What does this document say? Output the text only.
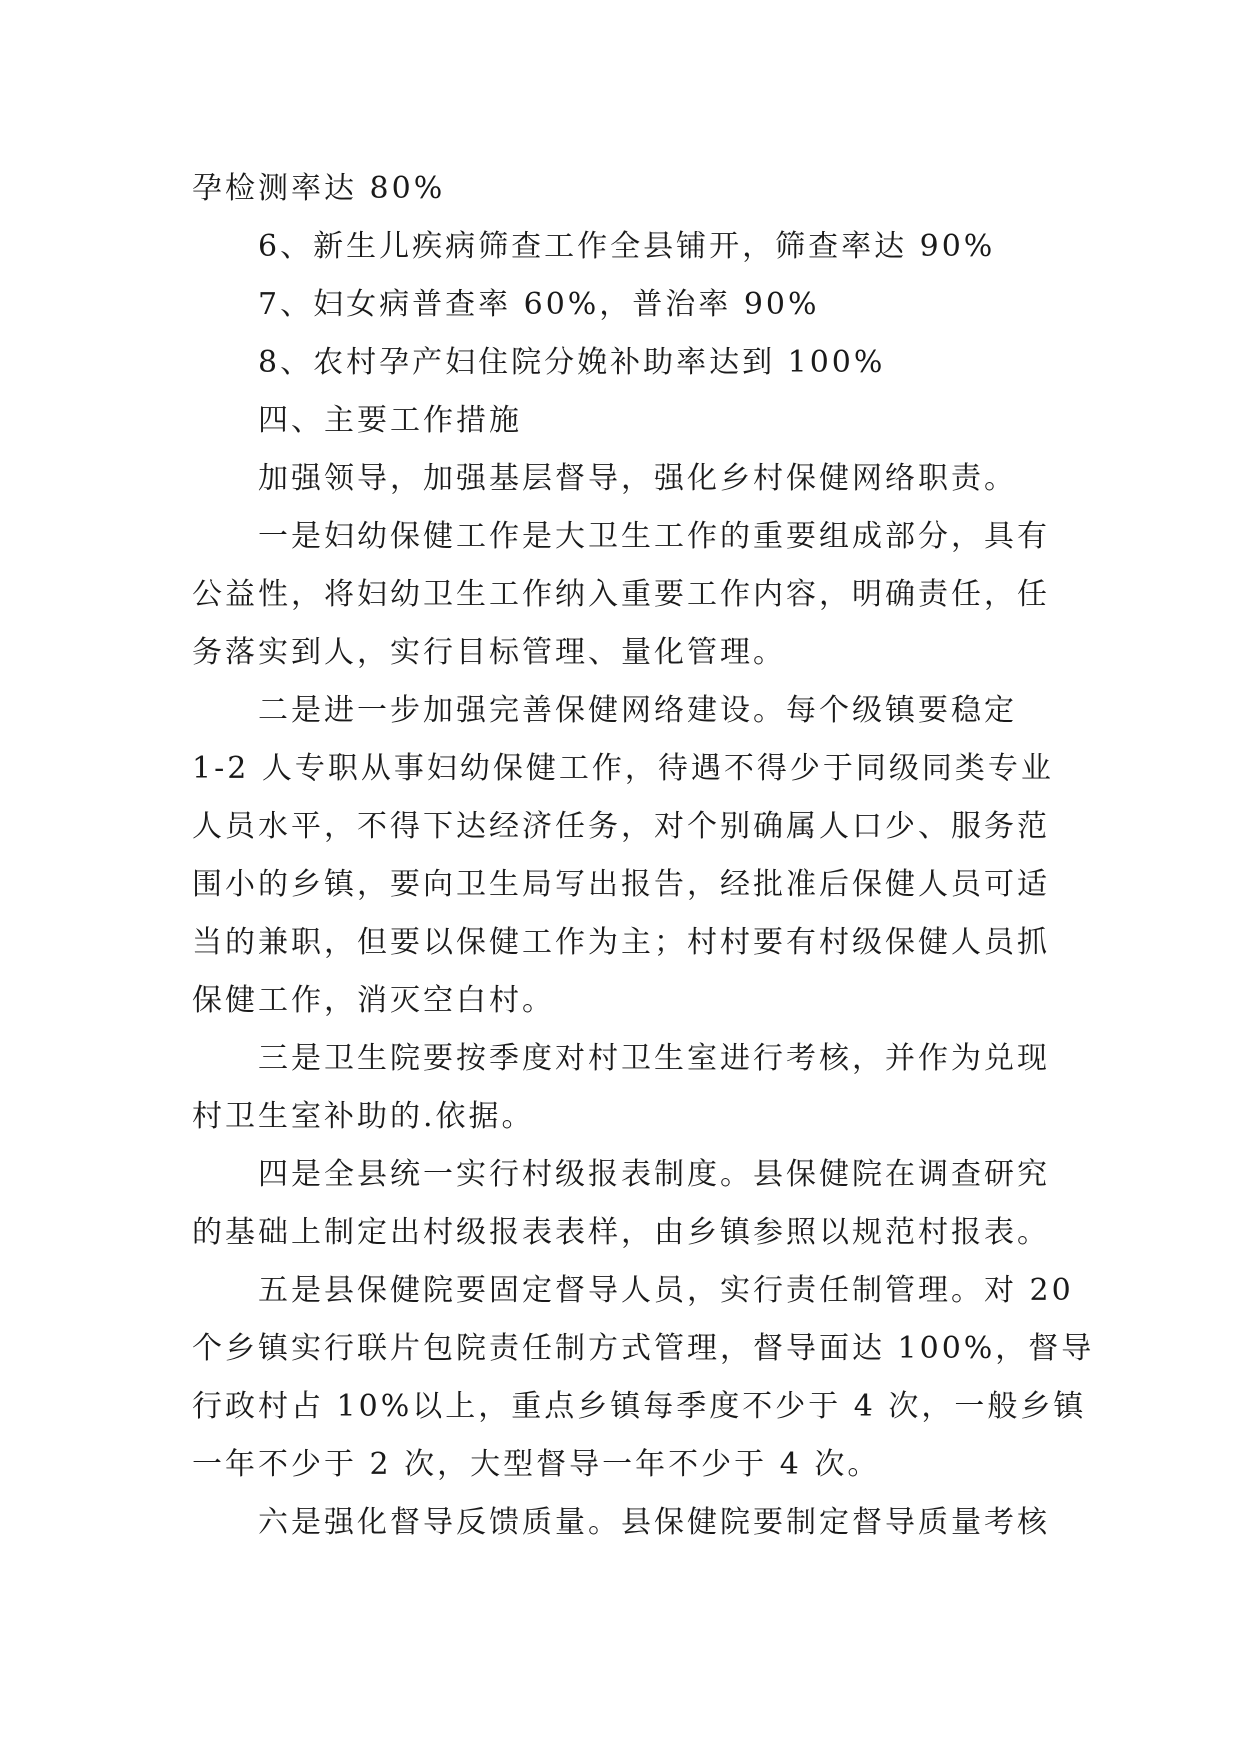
孕检测率达 80%
6、新生儿疾病筛查工作全县铺开，筛查率达 90%
7、妇女病普查率 60%，普治率 90%
8、农村孕产妇住院分娩补助率达到 100%
四、主要工作措施
加强领导，加强基层督导，强化乡村保健网络职责。
一是妇幼保健工作是大卫生工作的重要组成部分，具有
公益性，将妇幼卫生工作纳入重要工作内容，明确责任，任
务落实到人，实行目标管理、量化管理。
二是进一步加强完善保健网络建设。每个级镇要稳定
1-2 人专职从事妇幼保健工作，待遇不得少于同级同类专业
人员水平，不得下达经济任务，对个别确属人口少、服务范
围小的乡镇，要向卫生局写出报告，经批准后保健人员可适
当的兼职，但要以保健工作为主；村村要有村级保健人员抓
保健工作，消灭空白村。
三是卫生院要按季度对村卫生室进行考核，并作为兑现
村卫生室补助的.依据。
四是全县统一实行村级报表制度。县保健院在调查研究
的基础上制定出村级报表表样，由乡镇参照以规范村报表。
五是县保健院要固定督导人员，实行责任制管理。对 20
个乡镇实行联片包院责任制方式管理，督导面达 100%，督导
行政村占 10%以上，重点乡镇每季度不少于 4 次，一般乡镇
一年不少于 2 次，大型督导一年不少于 4 次。
六是强化督导反馈质量。县保健院要制定督导质量考核
